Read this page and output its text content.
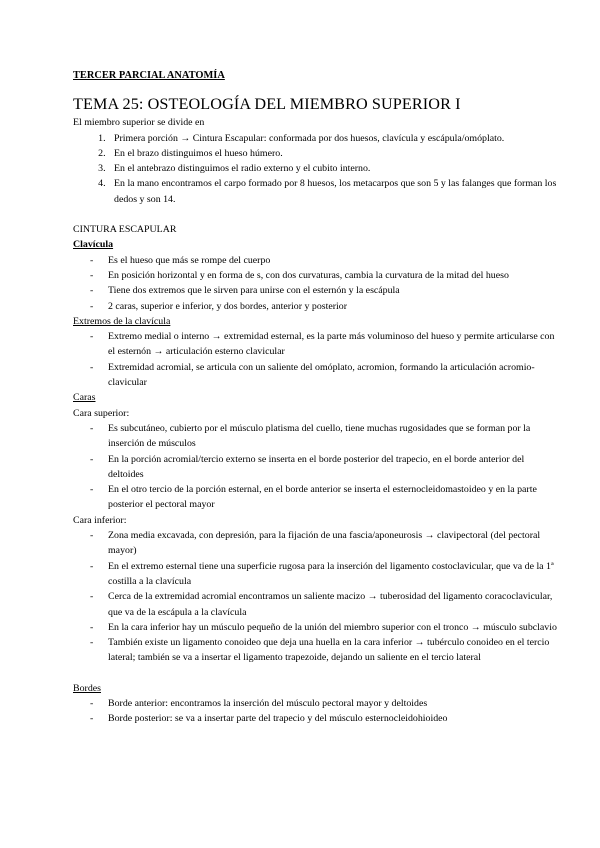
TERCER PARCIAL ANATOMÍA
TEMA 25: OSTEOLOGÍA DEL MIEMBRO SUPERIOR I

El miembro superior se divide en

1. Primera porción → Cintura Escapular: conformada por dos huesos, clavícula y escápula/omóplato.
2. En el brazo distinguimos el hueso húmero.
3. En el antebrazo distinguimos el radio externo y el cubito interno.
4. En la mano encontramos el carpo formado por 8 huesos, los metacarpos que son 5 y las falanges que forman los dedos y son 14.
CINTURA ESCAPULAR
Clavícula
- Es el hueso que más se rompe del cuerpo
- En posición horizontal y en forma de s, con dos curvaturas, cambia la curvatura de la mitad del hueso
- Tiene dos extremos que le sirven para unirse con el esternón y la escápula
- 2 caras, superior e inferior, y dos bordes, anterior y posterior
Extremos de la clavícula
- Extremo medial o interno → extremidad esternal, es la parte más voluminoso del hueso y permite articularse con el esternón → articulación esterno clavicular
- Extremidad acromial, se articula con un saliente del omóplato, acromion, formando la articulación acromio-clavicular
Caras
Cara superior:
- Es subcutáneo, cubierto por el músculo platisma del cuello, tiene muchas rugosidades que se forman por la inserción de músculos
- En la porción acromial/tercio externo se inserta en el borde posterior del trapecio, en el borde anterior del deltoides
- En el otro tercio de la porción esternal, en el borde anterior se inserta el esternocleidomastoideo y en la parte posterior el pectoral mayor
Cara inferior:
- Zona media excavada, con depresión, para la fijación de una fascia/aponeurosis → clavipectoral (del pectoral mayor)
- En el extremo esternal tiene una superficie rugosa para la inserción del ligamento costoclavicular, que va de la 1ª costilla a la clavícula
- Cerca de la extremidad acromial encontramos un saliente macizo → tuberosidad del ligamento coracoclavicular, que va de la escápula a la clavícula
- En la cara inferior hay un músculo pequeño de la unión del miembro superior con el tronco → músculo subclavio
- También existe un ligamento conoideo que deja una huella en la cara inferior → tubérculo conoideo en el tercio lateral; también se va a insertar el ligamento trapezoide, dejando un saliente en el tercio lateral
Bordes
- Borde anterior: encontramos la inserción del músculo pectoral mayor y deltoides
- Borde posterior: se va a insertar parte del trapecio y del músculo esternocleidohioideo
